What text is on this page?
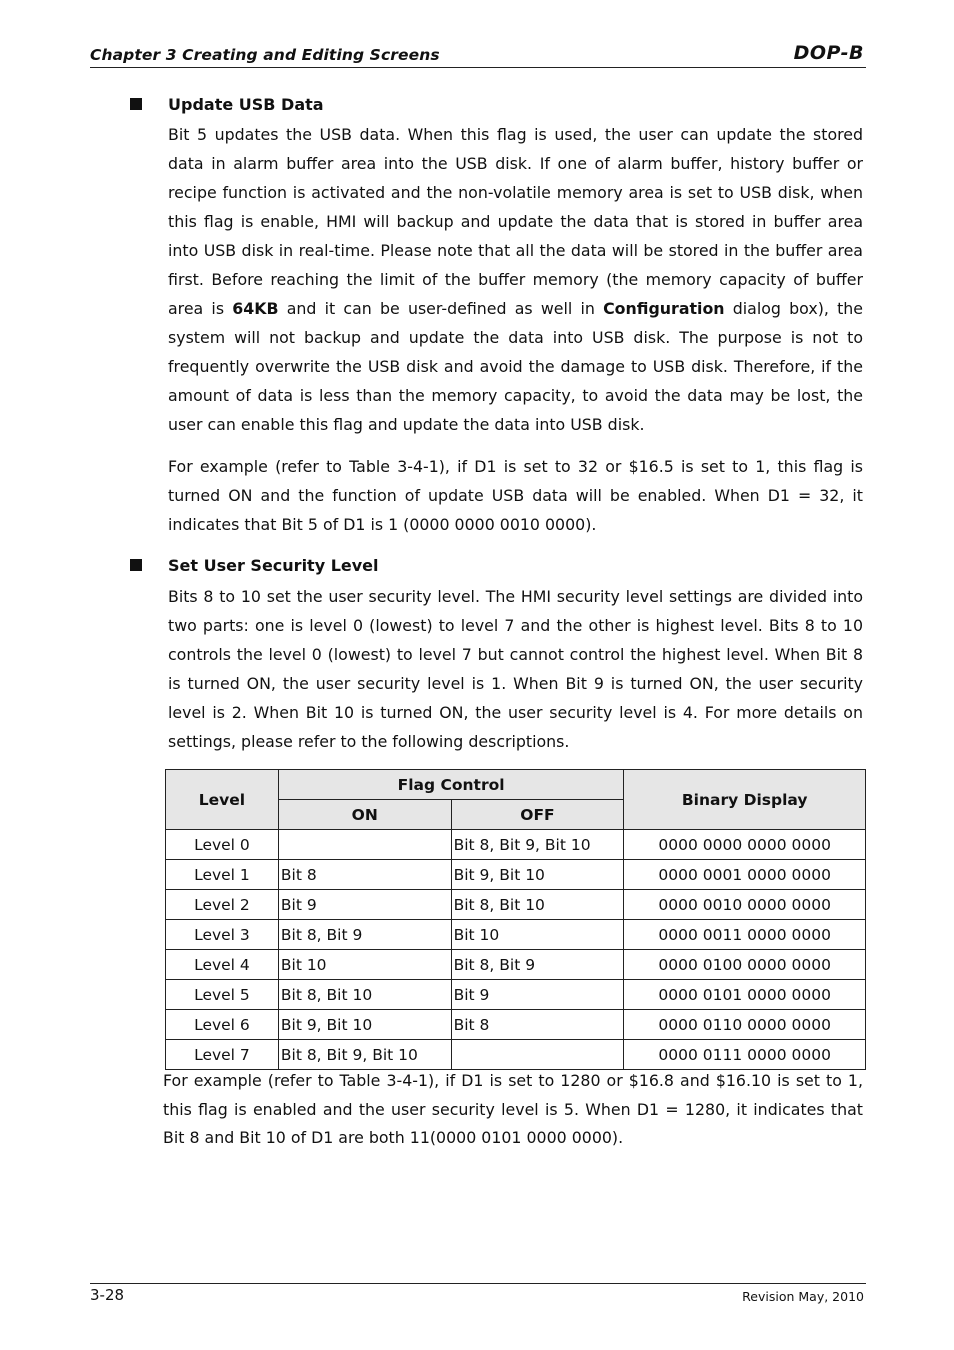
Chapter 3 Creating and Editing Screens	DOP-B
Update USB Data
Bit 5 updates the USB data. When this flag is used, the user can update the stored data in alarm buffer area into the USB disk. If one of alarm buffer, history buffer or recipe function is activated and the non-volatile memory area is set to USB disk, when this flag is enable, HMI will backup and update the data that is stored in buffer area into USB disk in real-time. Please note that all the data will be stored in the buffer area first. Before reaching the limit of the buffer memory (the memory capacity of buffer area is 64KB and it can be user-defined as well in Configuration dialog box), the system will not backup and update the data into USB disk. The purpose is not to frequently overwrite the USB disk and avoid the damage to USB disk. Therefore, if the amount of data is less than the memory capacity, to avoid the data may be lost, the user can enable this flag and update the data into USB disk.
For example (refer to Table 3-4-1), if D1 is set to 32 or $16.5 is set to 1, this flag is turned ON and the function of update USB data will be enabled. When D1 = 32, it indicates that Bit 5 of D1 is 1 (0000 0000 0010 0000).
Set User Security Level
Bits 8 to 10 set the user security level. The HMI security level settings are divided into two parts: one is level 0 (lowest) to level 7 and the other is highest level. Bits 8 to 10 controls the level 0 (lowest) to level 7 but cannot control the highest level. When Bit 8 is turned ON, the user security level is 1. When Bit 9 is turned ON, the user security level is 2. When Bit 10 is turned ON, the user security level is 4. For more details on settings, please refer to the following descriptions.
Level	Flag Control		Binary Display
	ON	OFF	
Level 0		Bit 8, Bit 9, Bit 10	0000 0000 0000 0000
Level 1	Bit 8	Bit 9, Bit 10	0000 0001 0000 0000
Level 2	Bit 9	Bit 8, Bit 10	0000 0010 0000 0000
Level 3	Bit 8, Bit 9	Bit 10	0000 0011 0000 0000
Level 4	Bit 10	Bit 8, Bit 9	0000 0100 0000 0000
Level 5	Bit 8, Bit 10	Bit 9	0000 0101 0000 0000
Level 6	Bit 9, Bit 10	Bit 8	0000 0110 0000 0000
Level 7	Bit 8, Bit 9, Bit 10		0000 0111 0000 0000
For example (refer to Table 3-4-1), if D1 is set to 1280 or $16.8 and $16.10 is set to 1, this flag is enabled and the user security level is 5. When D1 = 1280, it indicates that Bit 8 and Bit 10 of D1 are both 11(0000 0101 0000 0000).
3-28	Revision May, 2010
